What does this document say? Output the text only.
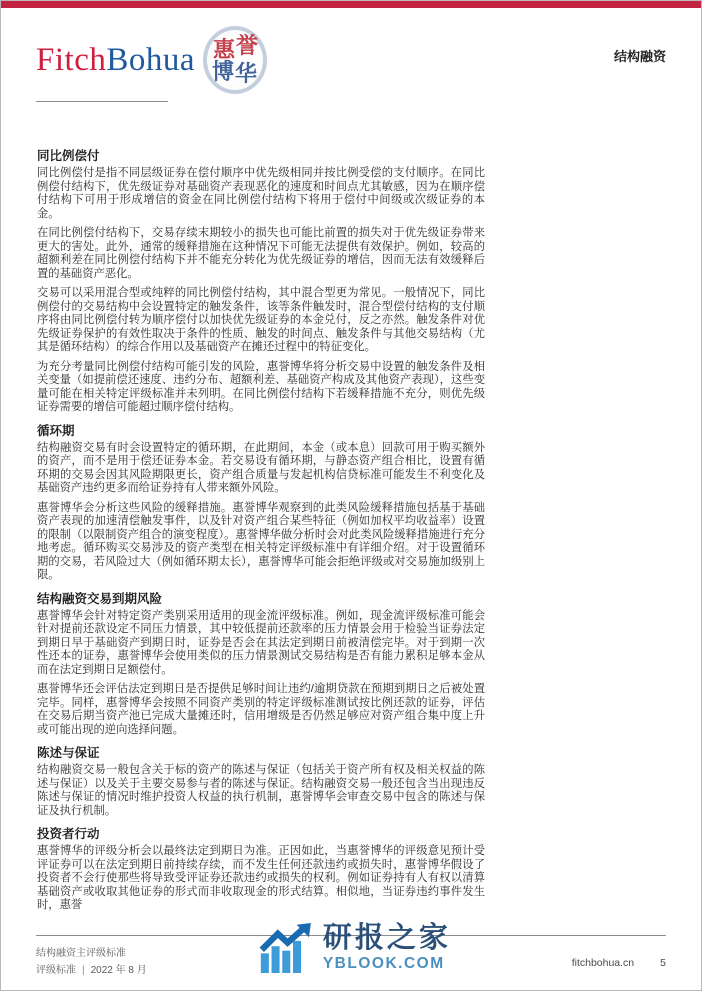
FitchBohua 惠 誉
博 华
结构融资
同比例偿付

同比例偿付是指不同层级证券在偿付顺序中优先级相同并按比例受偿的支付顺序。在同比例偿付结构下，优先级证券对基础资产表现恶化的速度和时间点尤其敏感，因为在顺序偿付结构下可用于形成增信的资金在同比例偿付结构下将用于偿付中间级或次级证券的本金。

在同比例偿付结构下，交易存续末期较小的损失也可能比前置的损失对于优先级证券带来更大的害处。此外，通常的缓释措施在这种情况下可能无法提供有效保护。例如，较高的超额利差在同比例偿付结构下并不能充分转化为优先级证券的增信，因而无法有效缓释后置的基础资产恶化。

交易可以采用混合型或纯粹的同比例偿付结构，其中混合型更为常见。一般情况下，同比例偿付的交易结构中会设置特定的触发条件，该等条件触发时，混合型偿付结构的支付顺序将由同比例偿付转为顺序偿付以加快优先级证券的本金兑付，反之亦然。触发条件对优先级证券保护的有效性取决于条件的性质、触发的时间点、触发条件与其他交易结构（尤其是循环结构）的综合作用以及基础资产在摊还过程中的特征变化。

为充分考量同比例偿付结构可能引发的风险，惠誉博华将分析交易中设置的触发条件及相关变量（如提前偿还速度、违约分布、超额利差、基础资产构成及其他资产表现），这些变量可能在相关特定评级标准并未列明。在同比例偿付结构下若缓释措施不充分，则优先级证券需要的增信可能超过顺序偿付结构。

循环期

结构融资交易有时会设置特定的循环期，在此期间，本金（或本息）回款可用于购买额外的资产，而不是用于偿还证券本金。若交易设有循环期，与静态资产组合相比，设置有循环期的交易会因其风险期限更长，资产组合质量与发起机构信贷标准可能发生不利变化及基础资产违约更多而给证券持有人带来额外风险。

惠誉博华会分析这些风险的缓释措施。惠誉博华观察到的此类风险缓释措施包括基于基础资产表现的加速清偿触发事件，以及针对资产组合某些特征（例如加权平均收益率）设置的限制（以限制资产组合的演变程度）。惠誉博华做分析时会对此类风险缓释措施进行充分地考虑。循环购买交易涉及的资产类型在相关特定评级标准中有详细介绍。对于设置循环期的交易，若风险过大（例如循环期太长），惠誉博华可能会拒绝评级或对交易施加级别上限。

结构融资交易到期风险

惠誉博华会针对特定资产类别采用适用的现金流评级标准。例如，现金流评级标准可能会针对提前还款设定不同压力情景，其中较低提前还款率的压力情景会用于检验当证券法定到期日早于基础资产到期日时，证券是否会在其法定到期日前被清偿完毕。对于到期一次性还本的证券，惠誉博华会使用类似的压力情景测试交易结构是否有能力累积足够本金从而在法定到期日足额偿付。

惠誉博华还会评估法定到期日是否提供足够时间让违约/逾期贷款在预期到期日之后被处置完毕。同样，惠誉博华会按照不同资产类别的特定评级标准测试按比例还款的证券，评估在交易后期当资产池已完成大量摊还时，信用增级是否仍然足够应对资产组合集中度上升或可能出现的逆向选择问题。

陈述与保证

结构融资交易一般包含关于标的资产的陈述与保证（包括关于资产所有权及相关权益的陈述与保证）以及关于主要交易参与者的陈述与保证。结构融资交易一般还包含当出现违反陈述与保证的情况时维护投资人权益的执行机制，惠誉博华会审查交易中包含的陈述与保证及执行机制。

投资者行动

惠誉博华的评级分析会以最终法定到期日为准。正因如此，当惠誉博华的评级意见预计受评证券可以在法定到期日前持续存续，而不发生任何还款违约或损失时，惠誉博华假设了投资者不会行使那些将导致受评证券还款违约或损失的权利。例如证券持有人有权以清算基础资产或收取其他证券的形式而非收取现金的形式结算。相似地，当证券违约事件发生时，惠誉

结构融资主评级标准
评级标准 | 2022 年 8 月
fitchbohua.cn 5
研报之家
YBLOOK.COM
